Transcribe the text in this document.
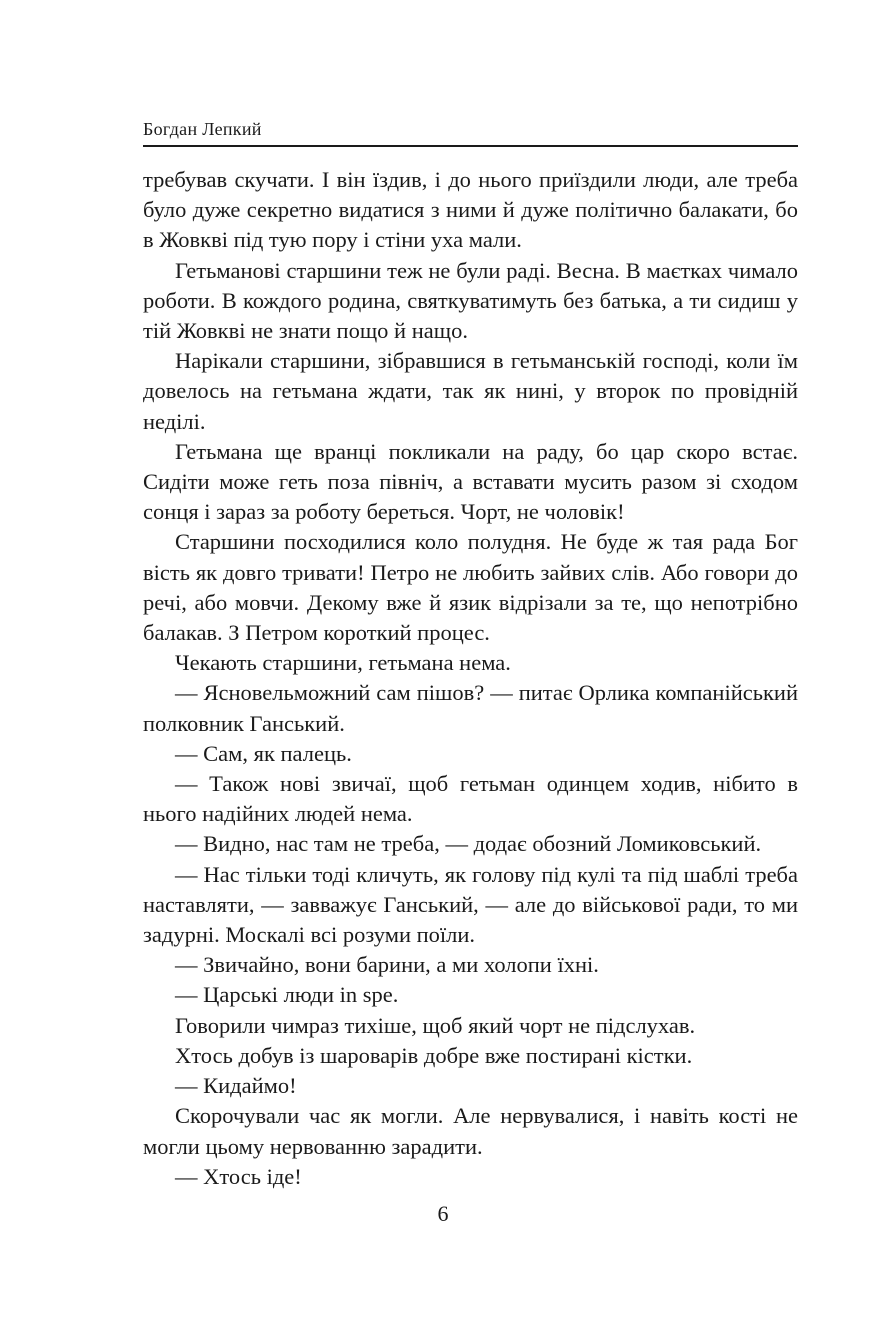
Богдан Лепкий

требував скучати. І він їздив, і до нього приїздили люди, але треба було дуже секретно видатися з ними й дуже політично балакати, бо в Жовкві під тую пору і стіни уха мали.

Гетьманові старшини теж не були раді. Весна. В маєтках чимало роботи. В кождого родина, святкуватимуть без батька, а ти сидиш у тій Жовкві не знати пощо й нащо.

Нарікали старшини, зібравшися в гетьманській господі, коли їм довелось на гетьмана ждати, так як нині, у второк по провідній неділі.

Гетьмана ще вранці покликали на раду, бо цар скоро встає. Сидіти може геть поза північ, а вставати мусить разом зі сходом сонця і зараз за роботу береться. Чорт, не чоловік!

Старшини посходилися коло полудня. Не буде ж тая рада Бог вість як довго тривати! Петро не любить зайвих слів. Або говори до речі, або мовчи. Декому вже й язик відрізали за те, що непотрібно балакав. З Петром короткий процес.

Чекають старшини, гетьмана нема.

— Ясновельможний сам пішов? — питає Орлика компанійський полковник Ганський.

— Сам, як палець.

— Також нові звичаї, щоб гетьман одинцем ходив, нібито в нього надійних людей нема.

— Видно, нас там не треба, — додає обозний Ломиковський.

— Нас тільки тоді кличуть, як голову під кулі та під шаблі треба наставляти, — завважує Ганський, — але до військової ради, то ми задурні. Москалі всі розуми поїли.

— Звичайно, вони барини, а ми холопи їхні.

— Царські люди in spe.

Говорили чимраз тихіше, щоб який чорт не підслухав.

Хтось добув із шароварів добре вже постирані кістки.

— Кидаймо!

Скорочували час як могли. Але нервувалися, і навіть кості не могли цьому нервованню зарадити.

— Хтось іде!

6
